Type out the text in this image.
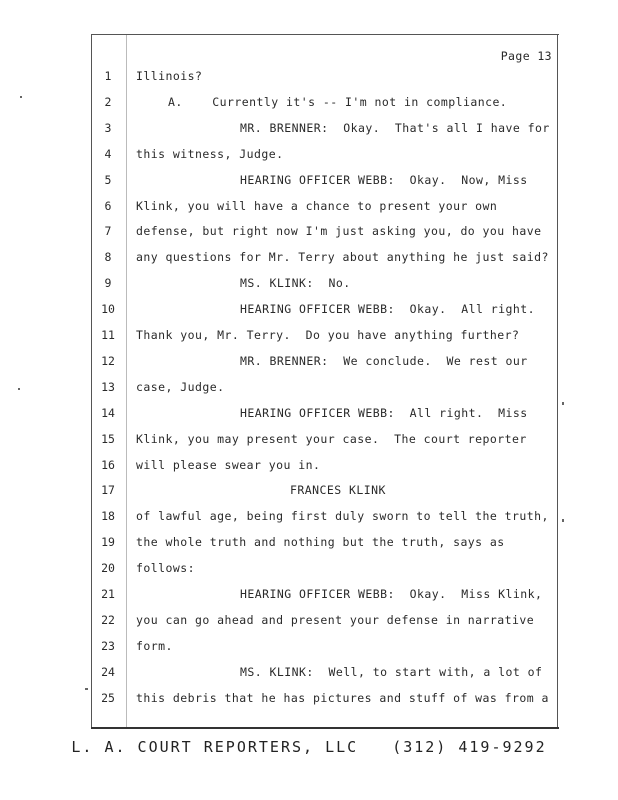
Page 13
1	Illinois?
2	A.    Currently it's -- I'm not in compliance.
3	MR. BRENNER:  Okay.  That's all I have for
4	this witness, Judge.
5	HEARING OFFICER WEBB:  Okay.  Now, Miss
6	Klink, you will have a chance to present your own
7	defense, but right now I'm just asking you, do you have
8	any questions for Mr. Terry about anything he just said?
9	MS. KLINK:  No.
10	HEARING OFFICER WEBB:  Okay.  All right.
11 Thank you, Mr. Terry.  Do you have anything further?
12	MR. BRENNER:  We conclude.  We rest our
13 case, Judge.
14	HEARING OFFICER WEBB:  All right.  Miss
15 Klink, you may present your case.  The court reporter
16 will please swear you in.
17	FRANCES KLINK
18 of lawful age, being first duly sworn to tell the truth,
19 the whole truth and nothing but the truth, says as
20 follows:
21	HEARING OFFICER WEBB:  Okay.  Miss Klink,
22 you can go ahead and present your defense in narrative
23 form.
24	MS. KLINK:  Well, to start with, a lot of
25 this debris that he has pictures and stuff of was from a
L. A. COURT REPORTERS, LLC (312) 419-9292
